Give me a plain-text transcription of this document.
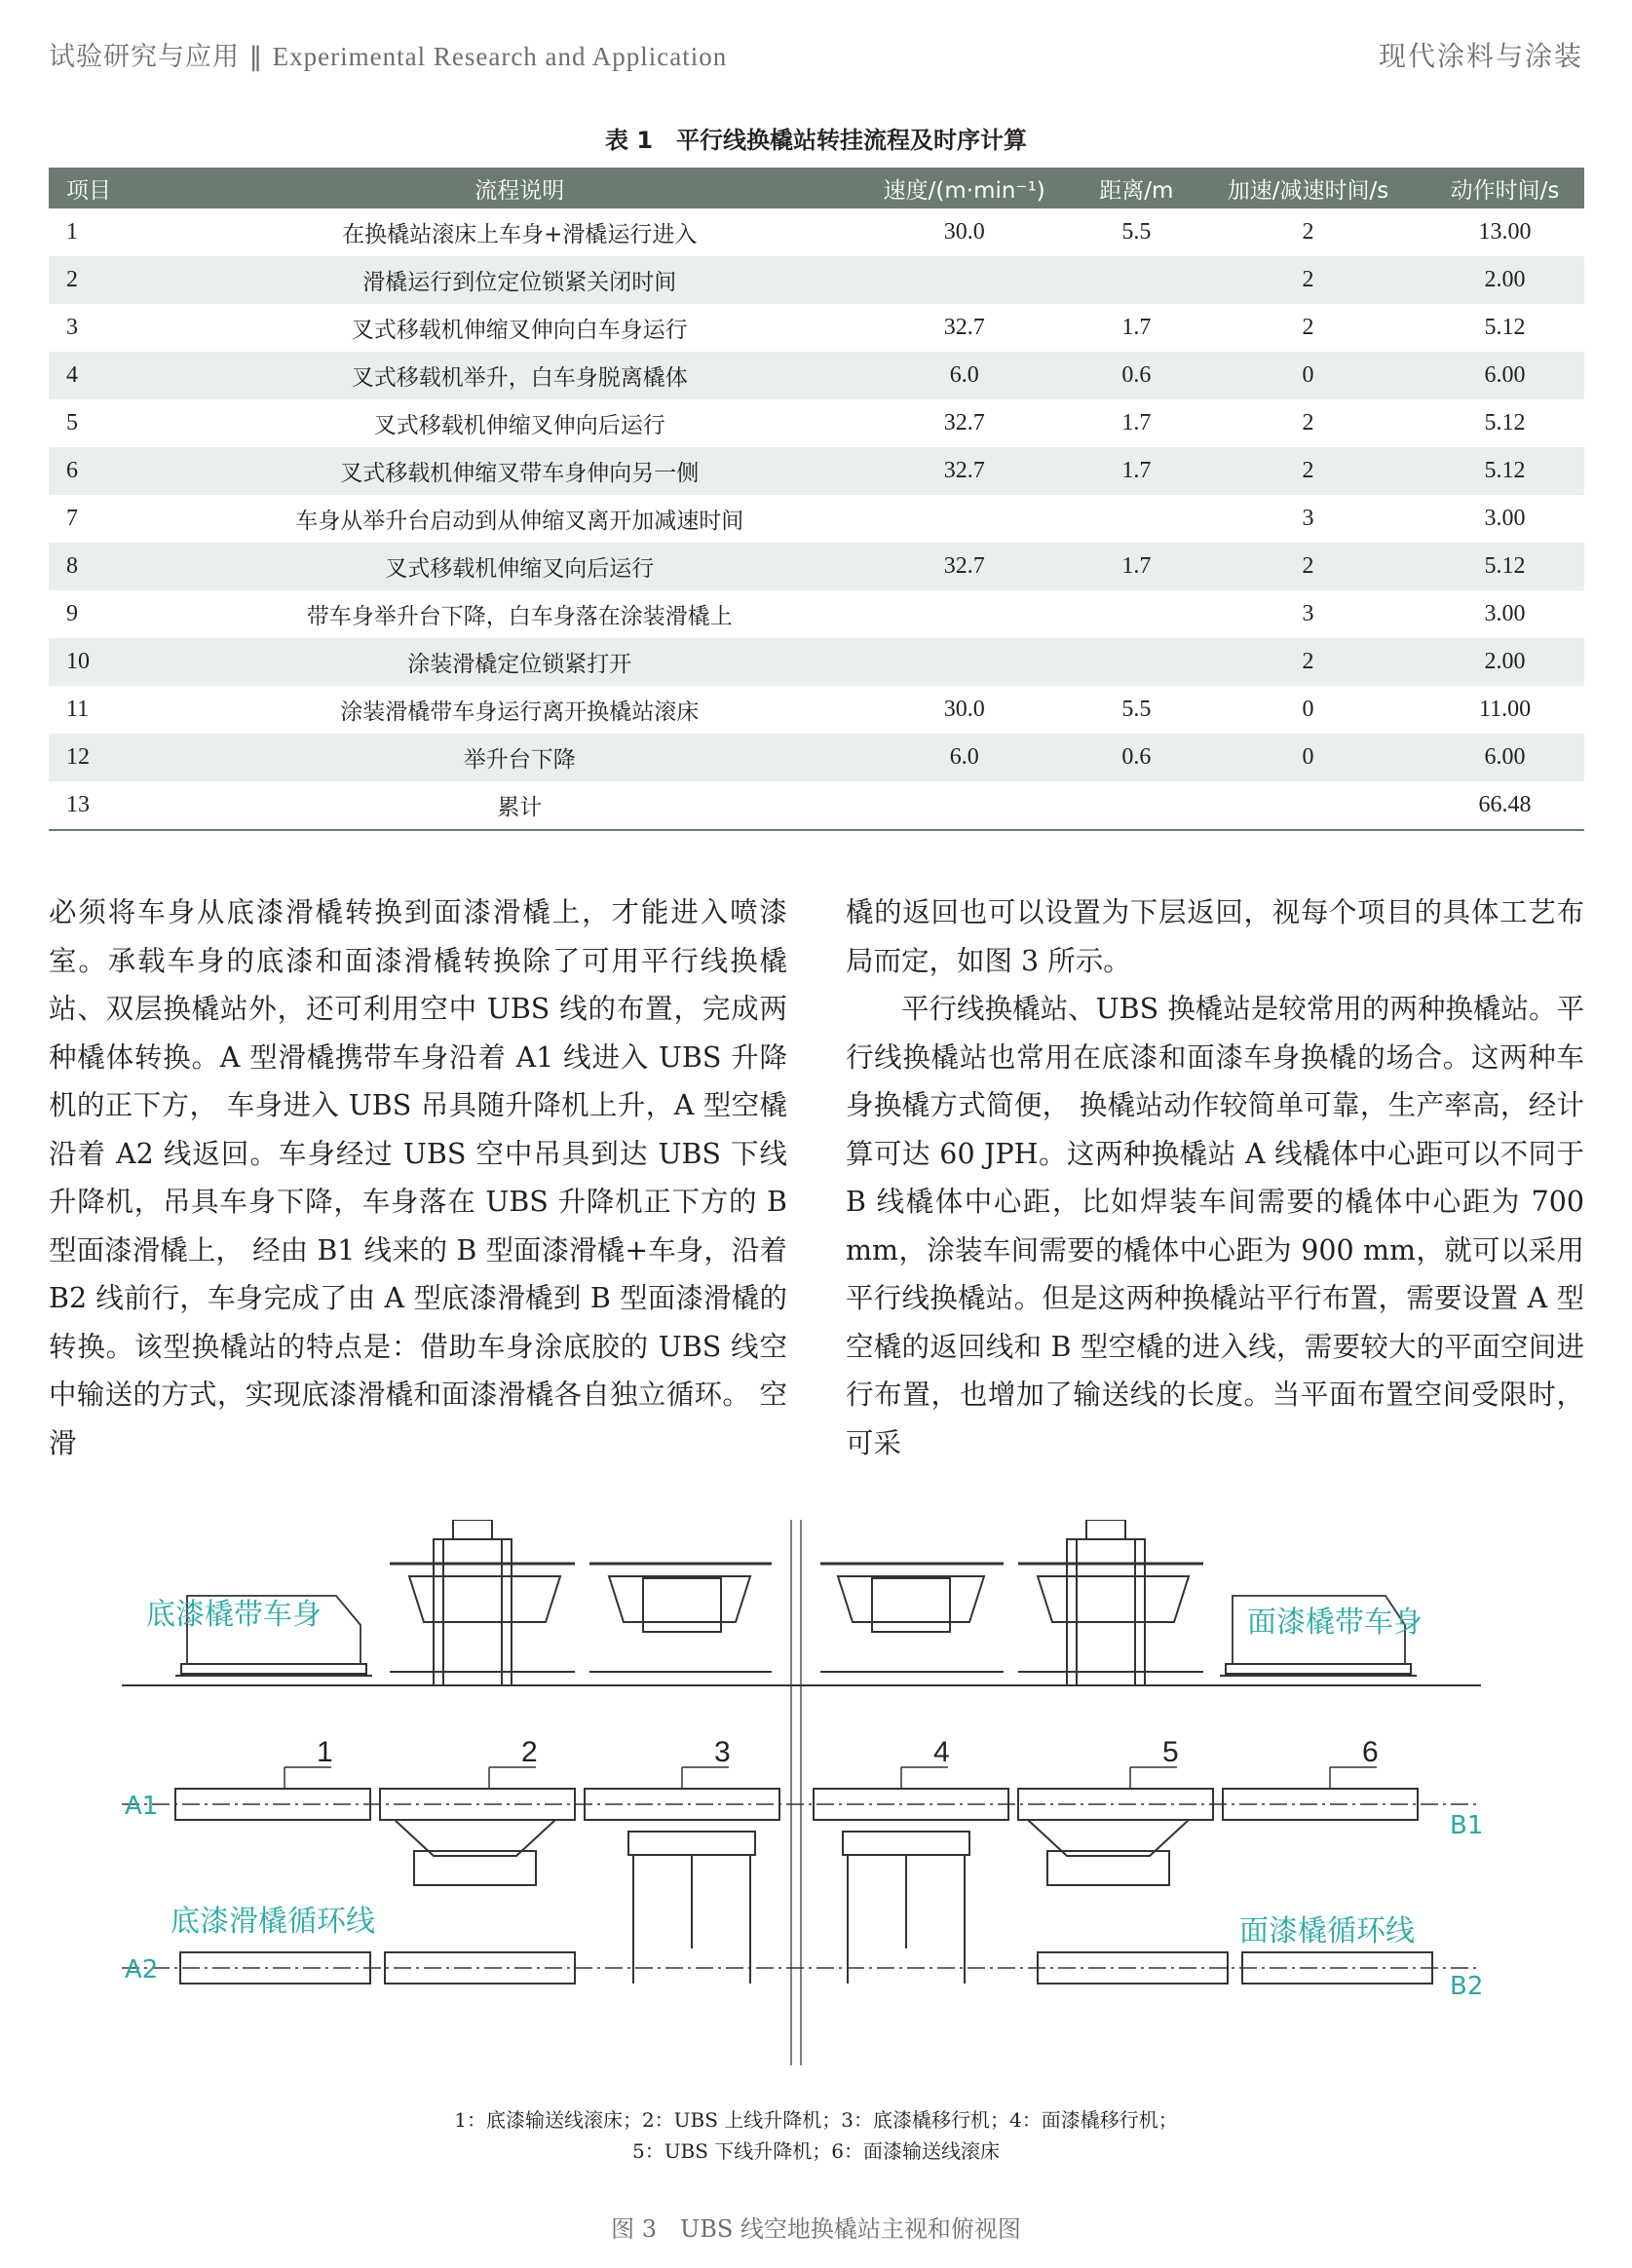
试验研究与应用 ‖ Experimental Research and Application	现代涂料与涂装
表 1　平行线换橇站转挂流程及时序计算
项目	流程说明	速度/(m·min⁻¹)	距离/m	加速/减速时间/s	动作时间/s
1	在换橇站滚床上车身+滑橇运行进入	30.0	5.5	2	13.00
2	滑橇运行到位定位锁紧关闭时间			2	2.00
3	叉式移载机伸缩叉伸向白车身运行	32.7	1.7	2	5.12
4	叉式移载机举升，白车身脱离橇体	6.0	0.6	0	6.00
5	叉式移载机伸缩叉伸向后运行	32.7	1.7	2	5.12
6	叉式移载机伸缩叉带车身伸向另一侧	32.7	1.7	2	5.12
7	车身从举升台启动到从伸缩叉离开加减速时间			3	3.00
8	叉式移载机伸缩叉向后运行	32.7	1.7	2	5.12
9	带车身举升台下降，白车身落在涂装滑橇上			3	3.00
10	涂装滑橇定位锁紧打开			2	2.00
11	涂装滑橇带车身运行离开换橇站滚床	30.0	5.5	0	11.00
12	举升台下降	6.0	0.6	0	6.00
13	累计				66.48

必须将车身从底漆滑橇转换到面漆滑橇上，才能进入喷漆室。承载车身的底漆和面漆滑橇转换除了可用平行线换橇站、双层换橇站外，还可利用空中 UBS 线的布置，完成两种橇体转换。A 型滑橇携带车身沿着 A1 线进入 UBS 升降机的正下方， 车身进入 UBS 吊具随升降机上升，A 型空橇沿着 A2 线返回。车身经过 UBS 空中吊具到达 UBS 下线升降机，吊具车身下降，车身落在 UBS 升降机正下方的 B 型面漆滑橇上， 经由 B1 线来的 B 型面漆滑橇+车身，沿着 B2 线前行，车身完成了由 A 型底漆滑橇到 B 型面漆滑橇的转换。该型换橇站的特点是：借助车身涂底胶的 UBS 线空中输送的方式，实现底漆滑橇和面漆滑橇各自独立循环。 空滑

橇的返回也可以设置为下层返回，视每个项目的具体工艺布局而定，如图 3 所示。

平行线换橇站、UBS 换橇站是较常用的两种换橇站。平行线换橇站也常用在底漆和面漆车身换橇的场合。这两种车身换橇方式简便， 换橇站动作较简单可靠，生产率高，经计算可达 60 JPH。这两种换橇站 A 线橇体中心距可以不同于 B 线橇体中心距，比如焊装车间需要的橇体中心距为 700 mm，涂装车间需要的橇体中心距为 900 mm，就可以采用平行线换橇站。但是这两种换橇站平行布置，需要设置 A 型空橇的返回线和 B 型空橇的进入线，需要较大的平面空间进行布置，也增加了输送线的长度。当平面布置空间受限时， 可采

底漆橇带车身	面漆橇带车身
1	2	3	4	5	6
A1
A2
B1
B2
底漆滑橇循环线	面漆橇循环线
1：底漆输送线滚床；2：UBS 上线升降机；3：底漆橇移行机；4：面漆橇移行机；
5：UBS 下线升降机；6：面漆输送线滚床
图 3　UBS 线空地换橇站主视和俯视图
